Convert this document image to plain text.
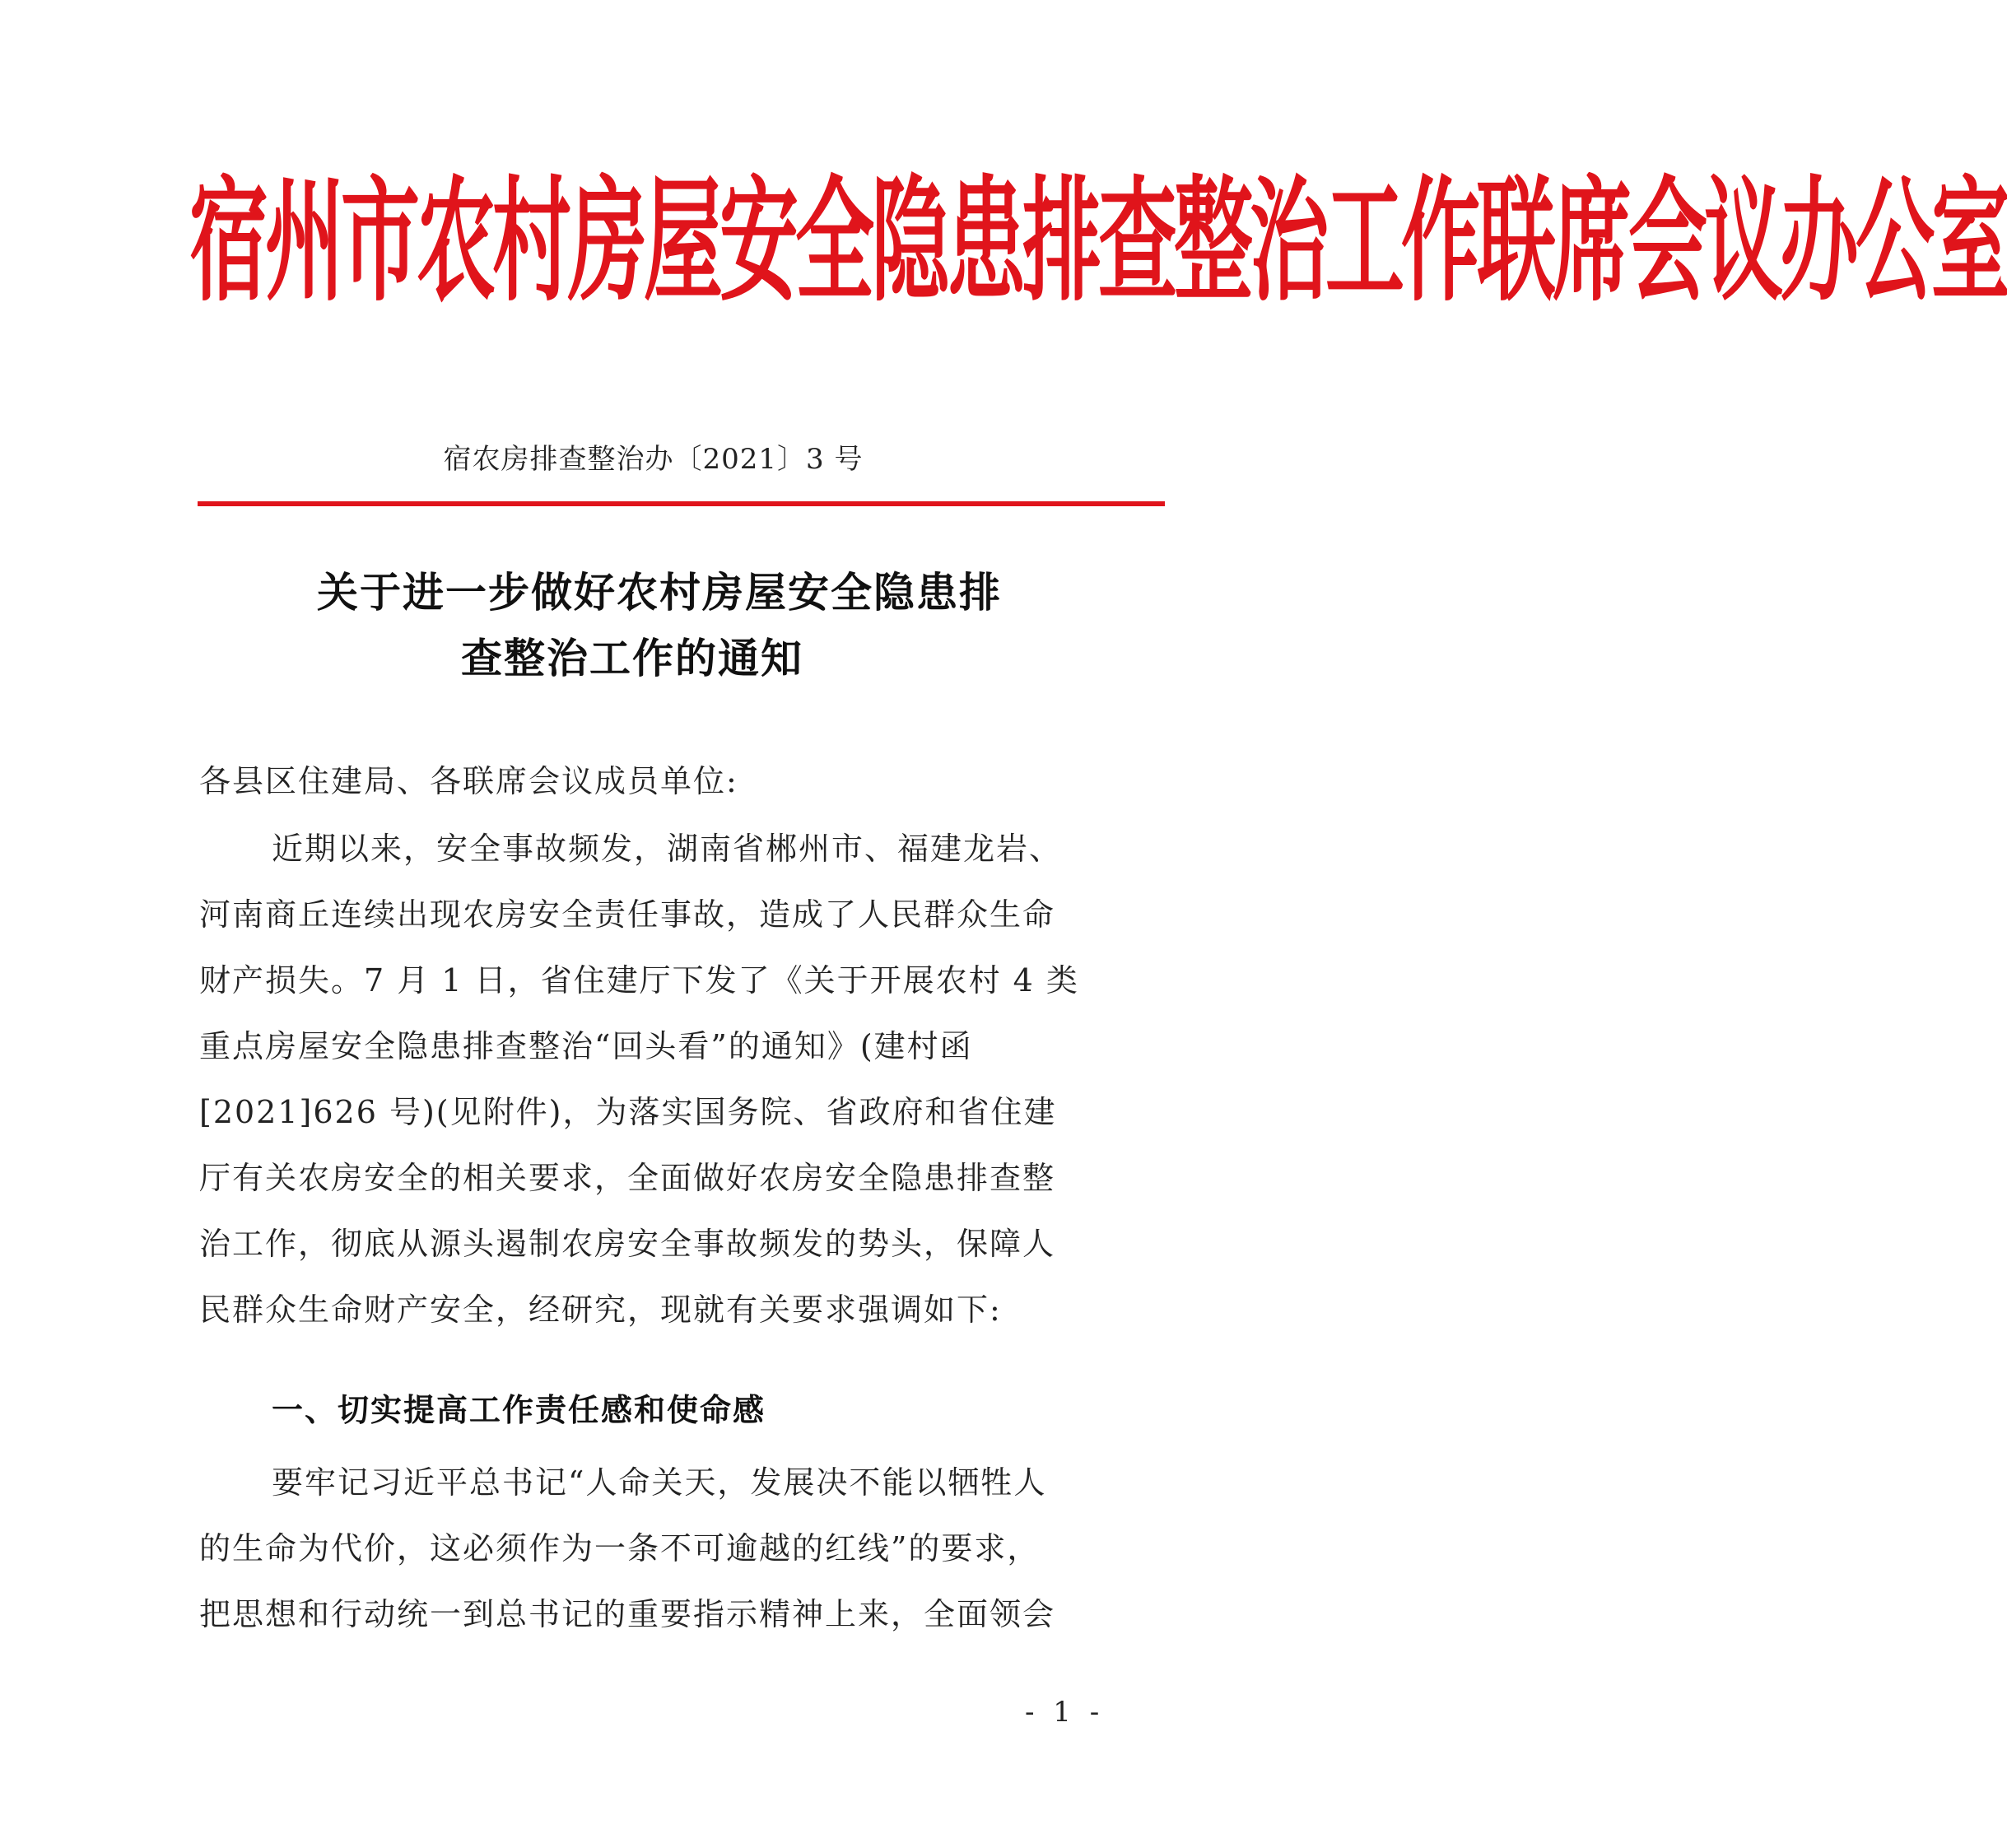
宿州市农村房屋安全隐患排查整治工作联席会议办公室
宿农房排查整治办〔2021〕3 号
关于进一步做好农村房屋安全隐患排
查整治工作的通知
各县区住建局、各联席会议成员单位:
近期以来，安全事故频发，湖南省郴州市、福建龙岩、
河南商丘连续出现农房安全责任事故，造成了人民群众生命
财产损失。7 月 1 日，省住建厅下发了《关于开展农村 4 类
重点房屋安全隐患排查整治“回头看”的通知》(建村函
[2021]626 号)(见附件)，为落实国务院、省政府和省住建
厅有关农房安全的相关要求，全面做好农房安全隐患排查整
治工作，彻底从源头遏制农房安全事故频发的势头，保障人
民群众生命财产安全，经研究，现就有关要求强调如下:
一、切实提高工作责任感和使命感
要牢记习近平总书记“人命关天，发展决不能以牺牲人
的生命为代价，这必须作为一条不可逾越的红线”的要求，
把思想和行动统一到总书记的重要指示精神上来，全面领会
- 1 -
